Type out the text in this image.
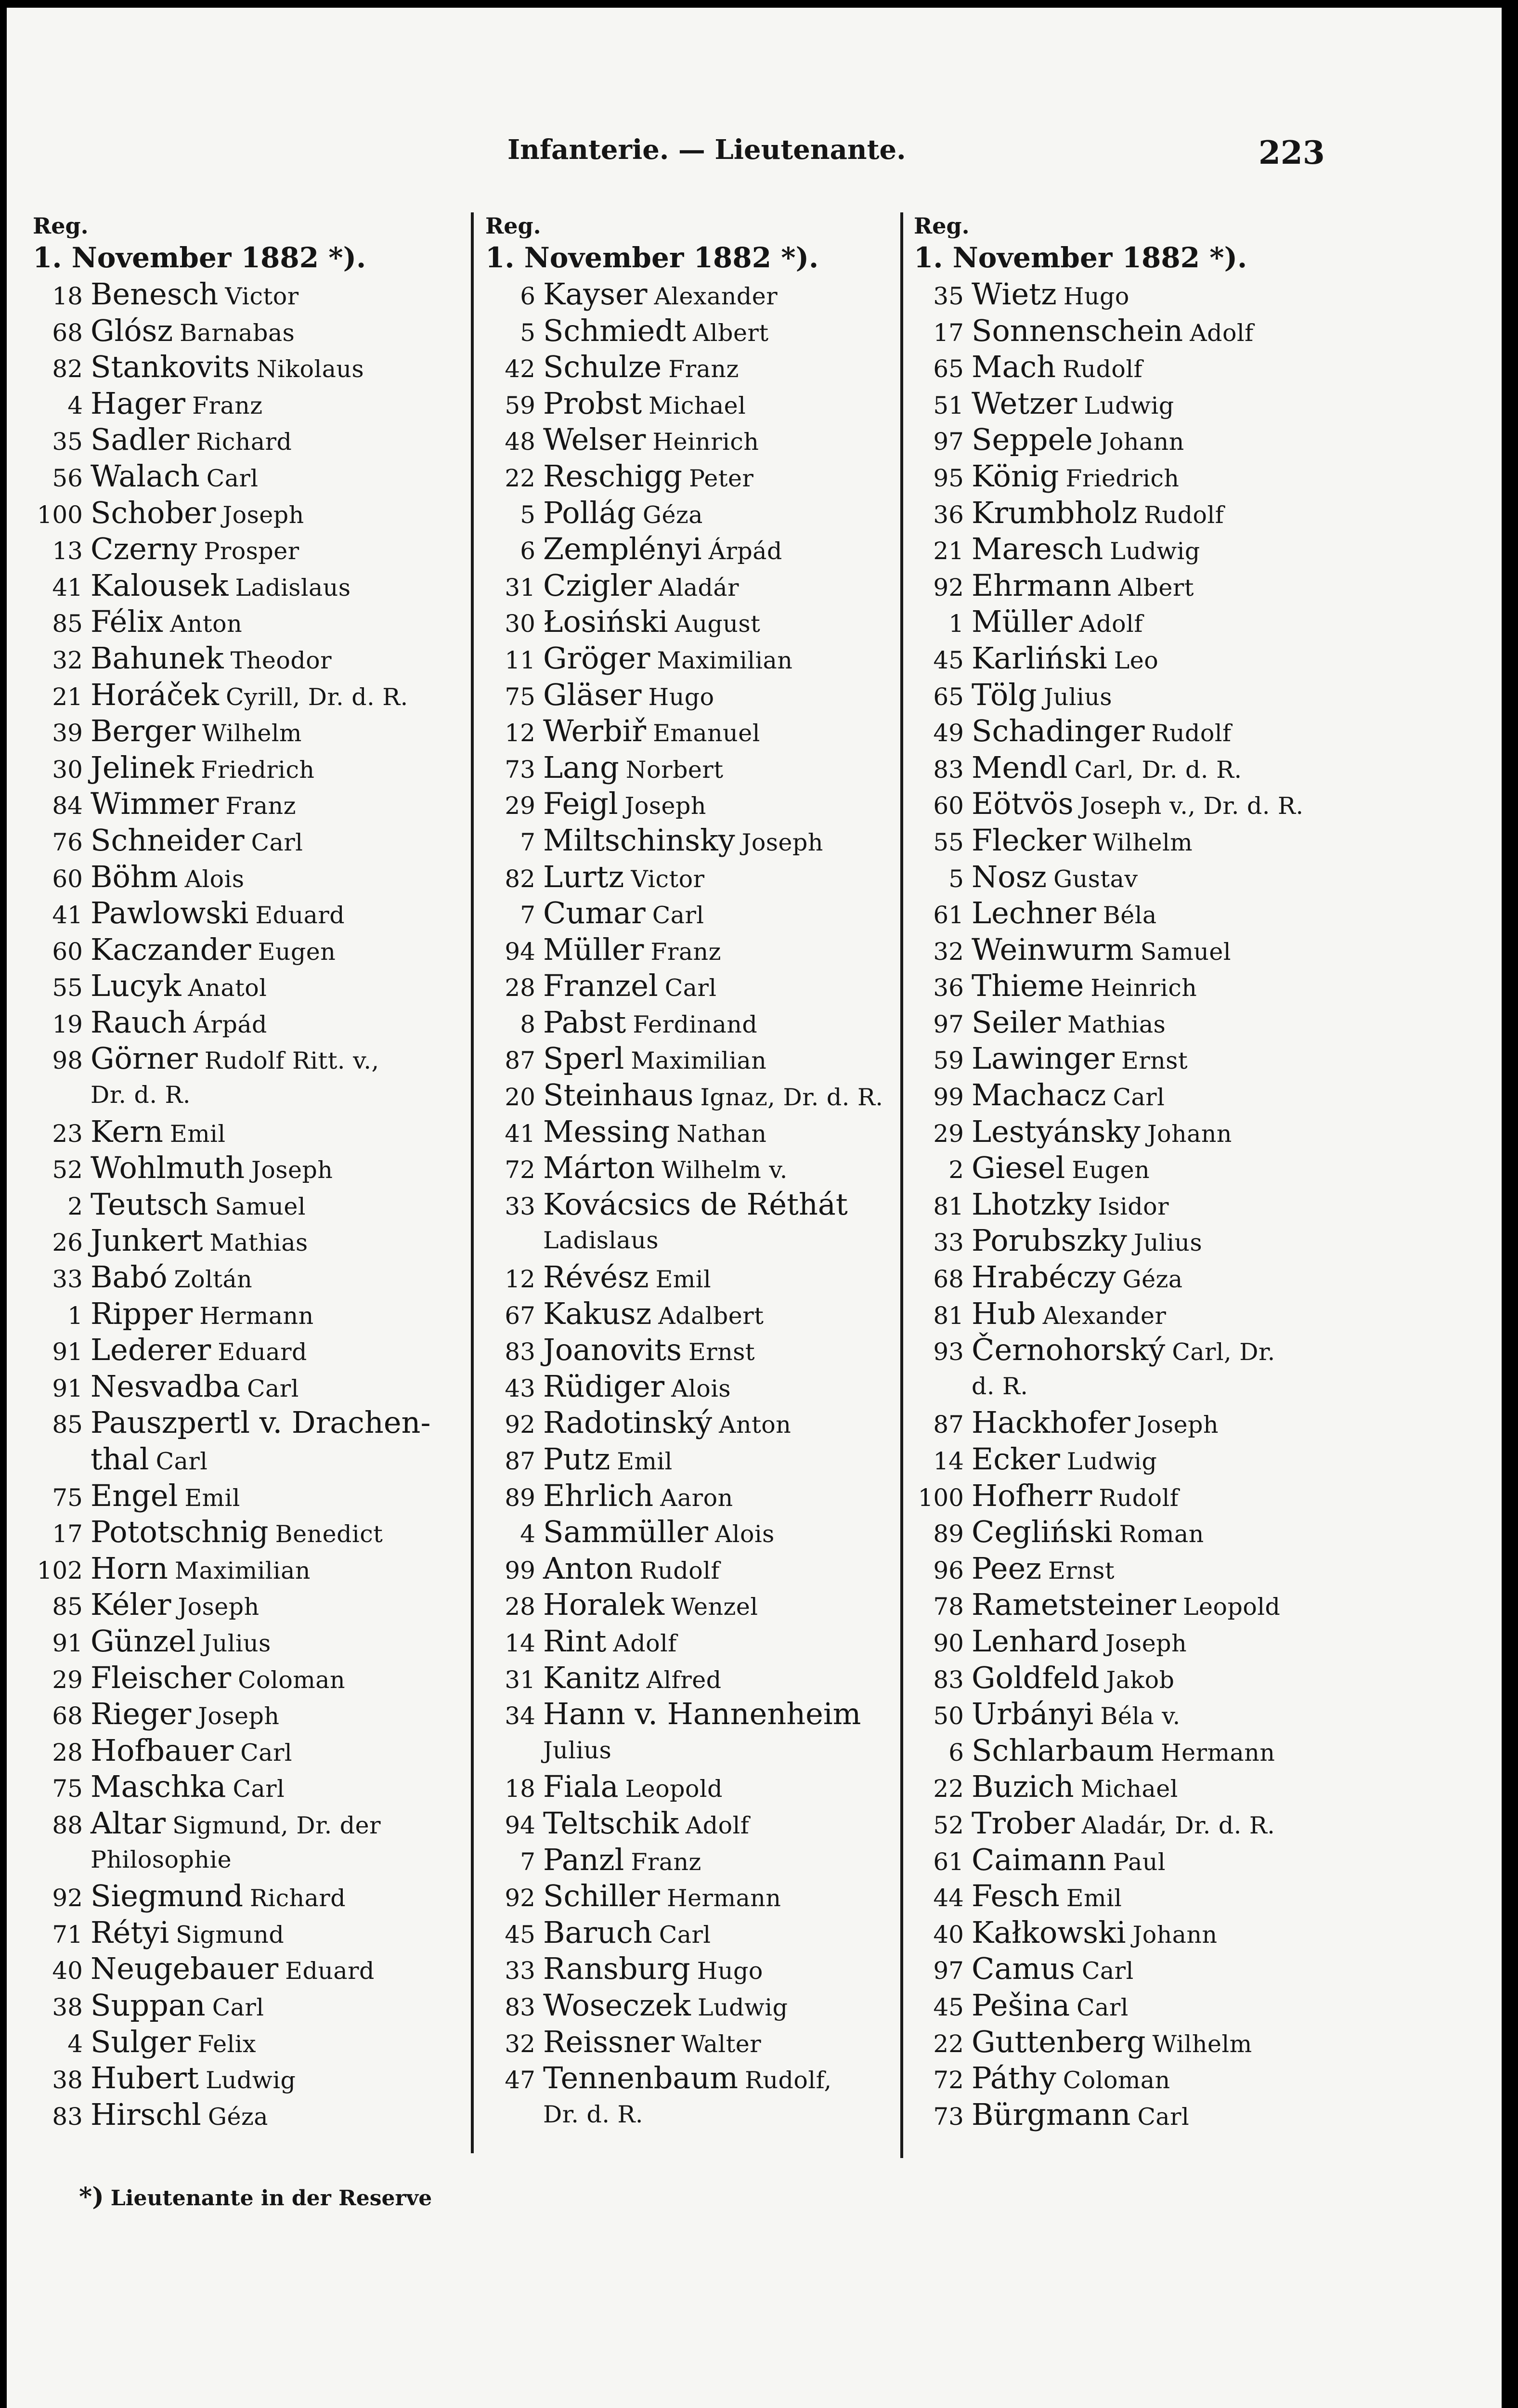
Infanterie. — Lieutenante.	223
Reg.
1. November 1882 *).
18 Benesch Victor
68 Glósz Barnabas
82 Stankovits Nikolaus
4 Hager Franz
35 Sadler Richard
56 Walach Carl
100 Schober Joseph
13 Czerny Prosper
41 Kalousek Ladislaus
85 Félix Anton
32 Bahunek Theodor
21 Horáček Cyrill, Dr. d. R.
39 Berger Wilhelm
30 Jelinek Friedrich
84 Wimmer Franz
76 Schneider Carl
60 Böhm Alois
41 Pawlowski Eduard
60 Kaczander Eugen
55 Lucyk Anatol
19 Rauch Árpád
98 Görner Rudolf Ritt. v.,
Dr. d. R.
23 Kern Emil
52 Wohlmuth Joseph
2 Teutsch Samuel
26 Junkert Mathias
33 Babó Zoltán
1 Ripper Hermann
91 Lederer Eduard
91 Nesvadba Carl
85 Pauszpertl v. Drachen-
thal Carl
75 Engel Emil
17 Pototschnig Benedict
102 Horn Maximilian
85 Kéler Joseph
91 Günzel Julius
29 Fleischer Coloman
68 Rieger Joseph
28 Hofbauer Carl
75 Maschka Carl
88 Altar Sigmund, Dr. der
Philosophie
92 Siegmund Richard
71 Rétyi Sigmund
40 Neugebauer Eduard
38 Suppan Carl
4 Sulger Felix
38 Hubert Ludwig
83 Hirschl Géza
Reg.
1. November 1882 *).
6 Kayser Alexander
5 Schmiedt Albert
42 Schulze Franz
59 Probst Michael
48 Welser Heinrich
22 Reschigg Peter
5 Pollág Géza
6 Zemplényi Árpád
31 Czigler Aladár
30 Łosiński August
11 Gröger Maximilian
75 Gläser Hugo
12 Werbiř Emanuel
73 Lang Norbert
29 Feigl Joseph
7 Miltschinsky Joseph
82 Lurtz Victor
7 Cumar Carl
94 Müller Franz
28 Franzel Carl
8 Pabst Ferdinand
87 Sperl Maximilian
20 Steinhaus Ignaz, Dr. d. R.
41 Messing Nathan
72 Márton Wilhelm v.
33 Kovácsics de Réthát
Ladislaus
12 Révész Emil
67 Kakusz Adalbert
83 Joanovits Ernst
43 Rüdiger Alois
92 Radotinský Anton
87 Putz Emil
89 Ehrlich Aaron
4 Sammüller Alois
99 Anton Rudolf
28 Horalek Wenzel
14 Rint Adolf
31 Kanitz Alfred
34 Hann v. Hannenheim
Julius
18 Fiala Leopold
94 Teltschik Adolf
7 Panzl Franz
92 Schiller Hermann
45 Baruch Carl
33 Ransburg Hugo
83 Woseczek Ludwig
32 Reissner Walter
47 Tennenbaum Rudolf,
Dr. d. R.
Reg.
1. November 1882 *).
35 Wietz Hugo
17 Sonnenschein Adolf
65 Mach Rudolf
51 Wetzer Ludwig
97 Seppele Johann
95 König Friedrich
36 Krumbholz Rudolf
21 Maresch Ludwig
92 Ehrmann Albert
1 Müller Adolf
45 Karliński Leo
65 Tölg Julius
49 Schadinger Rudolf
83 Mendl Carl, Dr. d. R.
60 Eötvös Joseph v., Dr. d. R.
55 Flecker Wilhelm
5 Nosz Gustav
61 Lechner Béla
32 Weinwurm Samuel
36 Thieme Heinrich
97 Seiler Mathias
59 Lawinger Ernst
99 Machacz Carl
29 Lestyánsky Johann
2 Giesel Eugen
81 Lhotzky Isidor
33 Porubszky Julius
68 Hrabéczy Géza
81 Hub Alexander
93 Černohorský Carl, Dr.
d. R.
87 Hackhofer Joseph
14 Ecker Ludwig
100 Hofherr Rudolf
89 Cegliński Roman
96 Peez Ernst
78 Rametsteiner Leopold
90 Lenhard Joseph
83 Goldfeld Jakob
50 Urbányi Béla v.
6 Schlarbaum Hermann
22 Buzich Michael
52 Trober Aladár, Dr. d. R.
61 Caimann Paul
44 Fesch Emil
40 Kałkowski Johann
97 Camus Carl
45 Pešina Carl
22 Guttenberg Wilhelm
72 Páthy Coloman
73 Bürgmann Carl
*) Lieutenante in der Reserve
